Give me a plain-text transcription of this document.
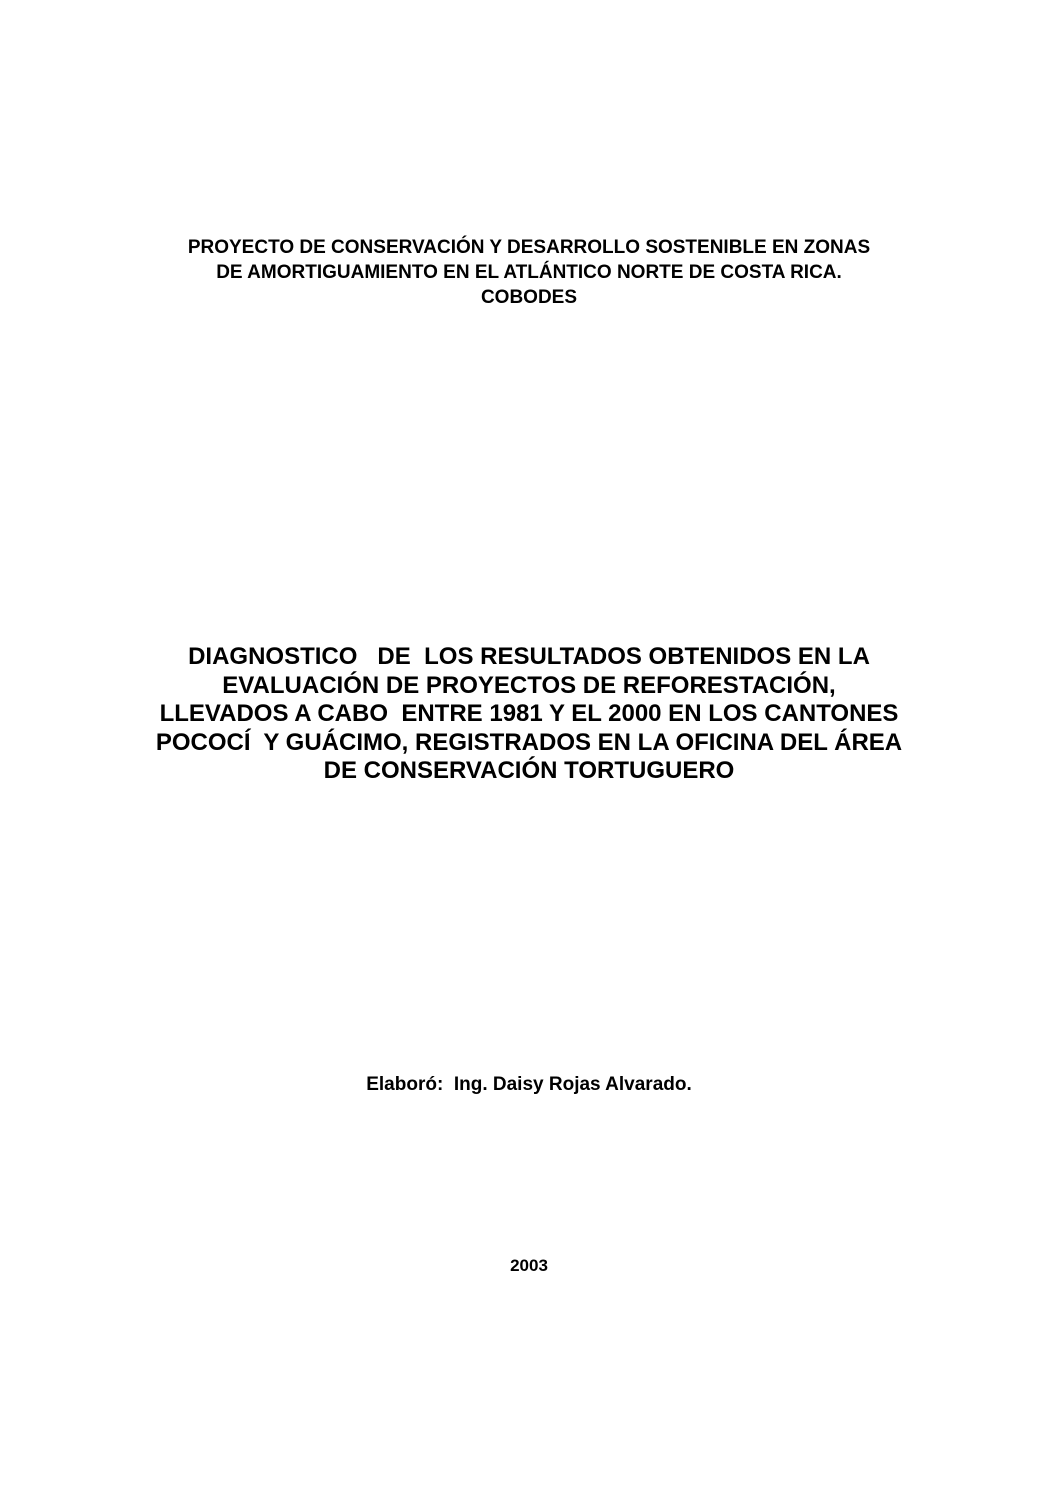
PROYECTO DE CONSERVACIÓN Y DESARROLLO SOSTENIBLE EN ZONAS
DE AMORTIGUAMIENTO EN EL ATLÁNTICO NORTE DE COSTA RICA.
COBODES
DIAGNOSTICO   DE  LOS RESULTADOS OBTENIDOS EN LA
EVALUACIÓN DE PROYECTOS DE REFORESTACIÓN,
LLEVADOS A CABO  ENTRE 1981 Y EL 2000 EN LOS CANTONES
POCOCÍ  Y GUÁCIMO, REGISTRADOS EN LA OFICINA DEL ÁREA
DE CONSERVACIÓN TORTUGUERO
Elaboró:  Ing. Daisy Rojas Alvarado.
2003
